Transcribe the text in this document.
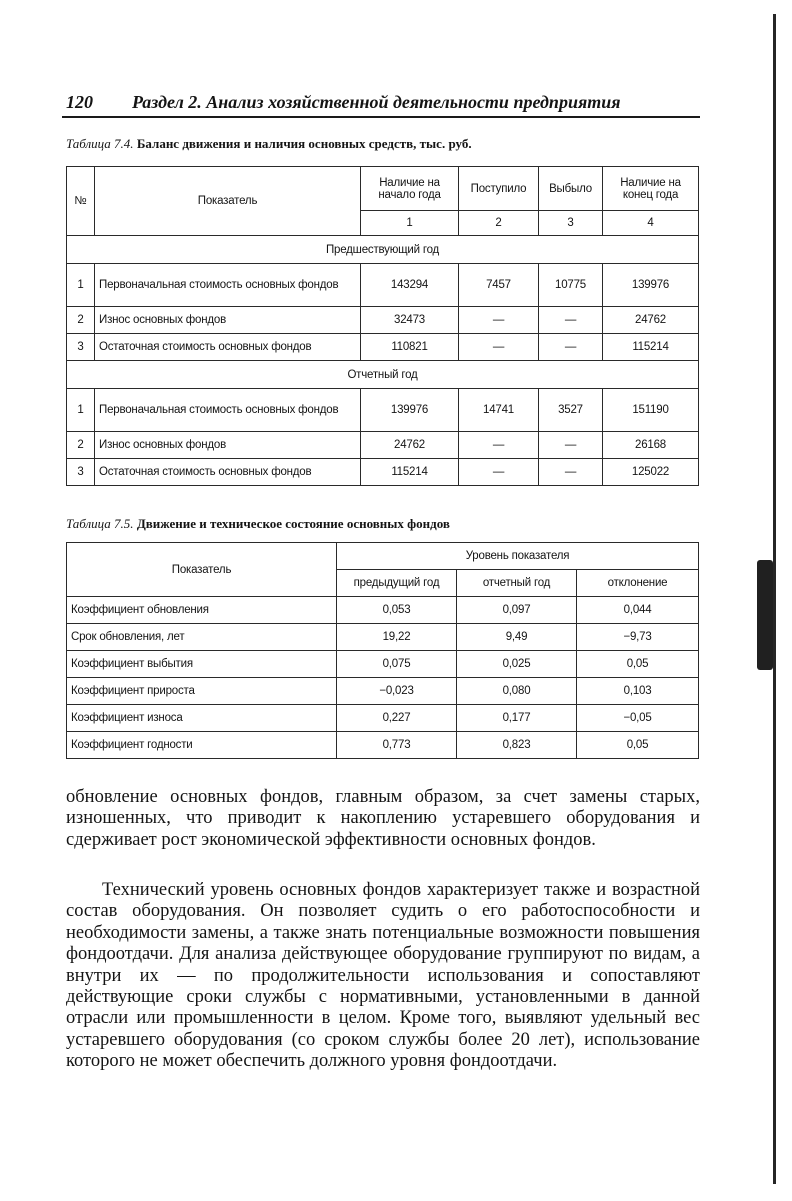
120 Раздел 2. Анализ хозяйственной деятельности предприятия
Таблица 7.4. Баланс движения и наличия основных средств, тыс. руб.
№	Показатель	Наличие на начало года	Поступило	Выбыло	Наличие на конец года
		1	2	3	4
Предшествующий год					
1	Первоначальная стоимость основных фондов	143294	7457	10775	139976
2	Износ основных фондов	32473	—	—	24762
3	Остаточная стоимость основных фондов	110821	—	—	115214
Отчетный год					
1	Первоначальная стоимость основных фондов	139976	14741	3527	151190
2	Износ основных фондов	24762	—	—	26168
3	Остаточная стоимость основных фондов	115214	—	—	125022
Таблица 7.5. Движение и техническое состояние основных фондов
Показатель	Уровень показателя		
	предыдущий год	отчетный год	отклонение
Коэффициент обновления	0,053	0,097	0,044
Срок обновления, лет	19,22	9,49	−9,73
Коэффициент выбытия	0,075	0,025	0,05
Коэффициент прироста	−0,023	0,080	0,103
Коэффициент износа	0,227	0,177	−0,05
Коэффициент годности	0,773	0,823	0,05

обновление основных фондов, главным образом, за счет замены старых, изношенных, что приводит к накоплению устаревшего оборудования и сдерживает рост экономической эффективности основных фондов.

Технический уровень основных фондов характеризует также и возрастной состав оборудования. Он позволяет судить о его работоспособности и необходимости замены, а также знать потенциальные возможности повышения фондоотдачи. Для анализа действующее оборудование группируют по видам, а внутри их — по продолжительности использования и сопоставляют действующие сроки службы с нормативными, установленными в данной отрасли или промышленности в целом. Кроме того, выявляют удельный вес устаревшего оборудования (со сроком службы более 20 лет), использование которого не может обеспечить должного уровня фондоотдачи.
